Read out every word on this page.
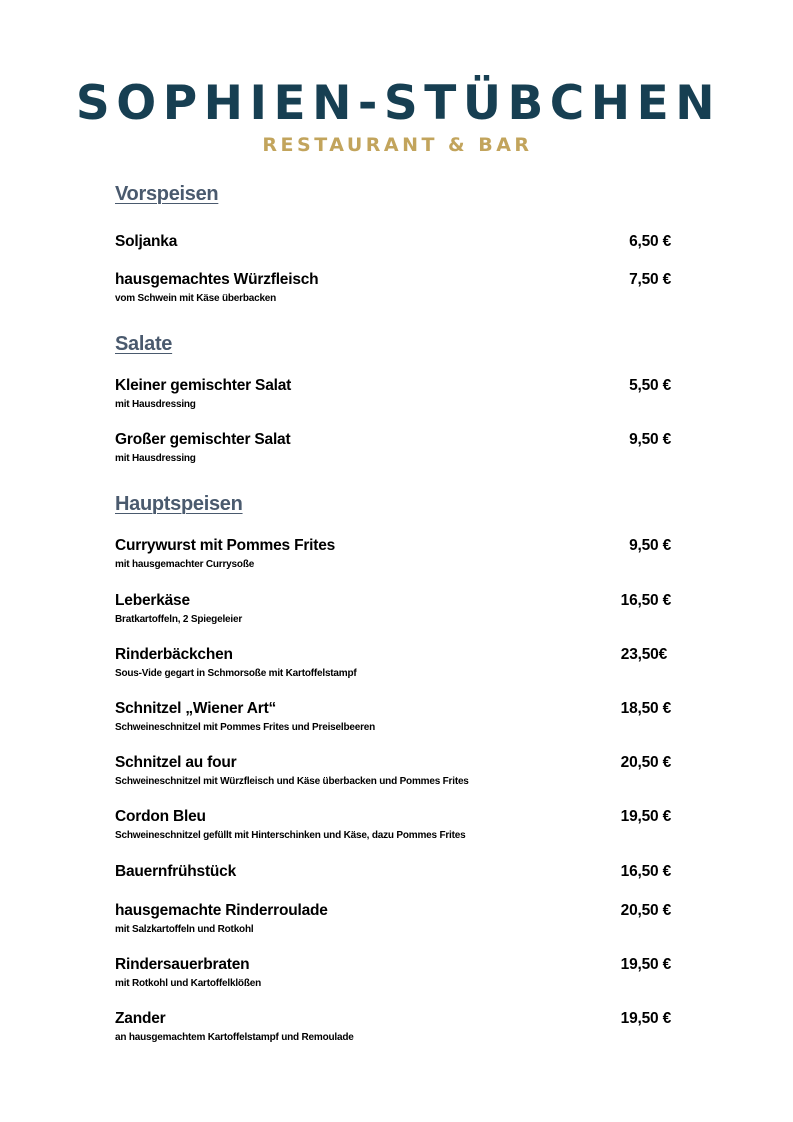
SOPHIEN-STÜBCHEN
RESTAURANT & BAR
Vorspeisen
Soljanka	6,50 €
hausgemachtes Würzfleisch	7,50 €
vom Schwein mit Käse überbacken
Salate
Kleiner gemischter Salat	5,50 €
mit Hausdressing
Großer gemischter Salat	9,50 €
mit Hausdressing
Hauptspeisen
Currywurst mit Pommes Frites	9,50 €
mit hausgemachter Currysoße
Leberkäse	16,50 €
Bratkartoffeln, 2 Spiegeleier
Rinderbäckchen	23,50€
Sous-Vide gegart in Schmorsoße mit Kartoffelstampf
Schnitzel „Wiener Art“	18,50 €
Schweineschnitzel mit Pommes Frites und Preiselbeeren
Schnitzel au four	20,50 €
Schweineschnitzel mit Würzfleisch und Käse überbacken und Pommes Frites
Cordon Bleu	19,50 €
Schweineschnitzel gefüllt mit Hinterschinken und Käse, dazu Pommes Frites
Bauernfrühstück	16,50 €
hausgemachte Rinderroulade	20,50 €
mit Salzkartoffeln und Rotkohl
Rindersauerbraten	19,50 €
mit Rotkohl und Kartoffelklößen
Zander	19,50 €
an hausgemachtem Kartoffelstampf und Remoulade
